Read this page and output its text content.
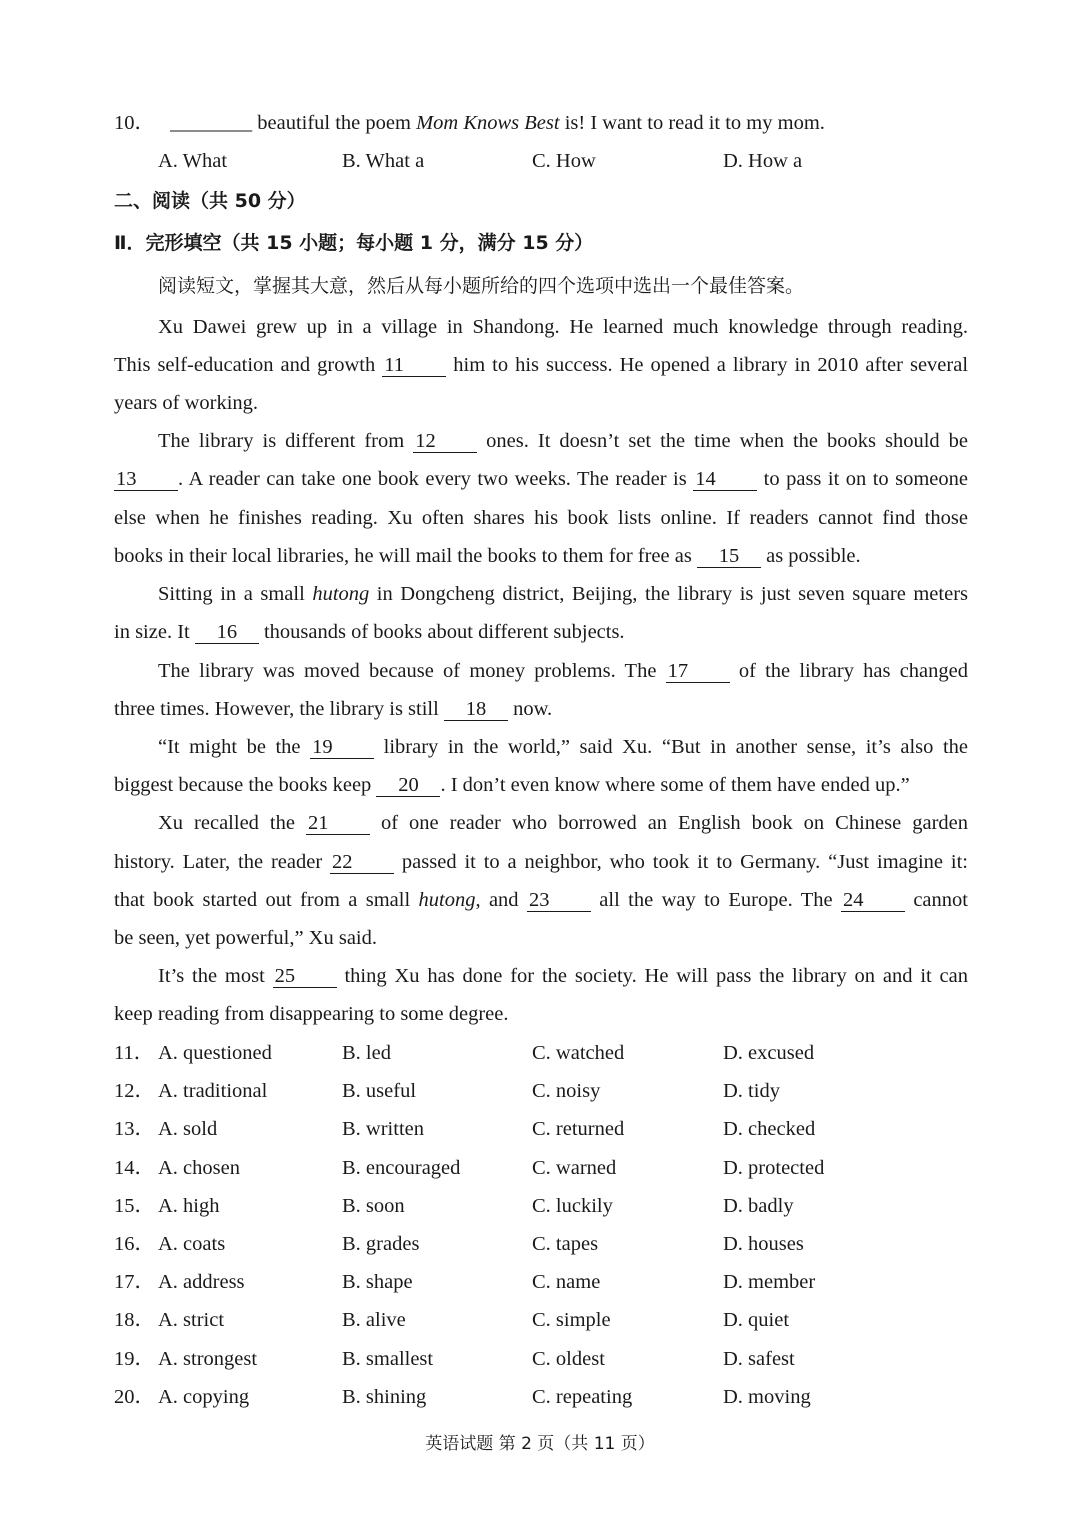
10． ________ beautiful the poem Mom Knows Best is! I want to read it to my mom.
A. What	B. What a	C. How	D. How a
二、阅读（共 50 分）
Ⅱ．完形填空（共 15 小题；每小题 1 分，满分 15 分）
阅读短文，掌握其大意，然后从每小题所给的四个选项中选出一个最佳答案。
Xu Dawei grew up in a village in Shandong. He learned much knowledge through reading.
This self-education and growth 11 him to his success. He opened a library in 2010 after several
years of working.
The library is different from 12 ones. It doesn’t set the time when the books should be
13 . A reader can take one book every two weeks. The reader is 14 to pass it on to someone
else when he finishes reading. Xu often shares his book lists online. If readers cannot find those
books in their local libraries, he will mail the books to them for free as 15 as possible.
Sitting in a small hutong in Dongcheng district, Beijing, the library is just seven square meters
in size. It 16 thousands of books about different subjects.
The library was moved because of money problems. The 17 of the library has changed
three times. However, the library is still 18 now.
“It might be the 19 library in the world,” said Xu. “But in another sense, it’s also the
biggest because the books keep 20 . I don’t even know where some of them have ended up.”
Xu recalled the 21 of one reader who borrowed an English book on Chinese garden
history. Later, the reader 22 passed it to a neighbor, who took it to Germany. “Just imagine it:
that book started out from a small hutong, and 23 all the way to Europe. The 24 cannot
be seen, yet powerful,” Xu said.
It’s the most 25 thing Xu has done for the society. He will pass the library on and it can
keep reading from disappearing to some degree.
11． A. questioned	B. led	C. watched	D. excused
12． A. traditional	B. useful	C. noisy	D. tidy
13． A. sold	B. written	C. returned	D. checked
14． A. chosen	B. encouraged	C. warned	D. protected
15． A. high	B. soon	C. luckily	D. badly
16． A. coats	B. grades	C. tapes	D. houses
17． A. address	B. shape	C. name	D. member
18． A. strict	B. alive	C. simple	D. quiet
19． A. strongest	B. smallest	C. oldest	D. safest
20． A. copying	B. shining	C. repeating	D. moving
英语试题 第 2 页（共 11 页）
